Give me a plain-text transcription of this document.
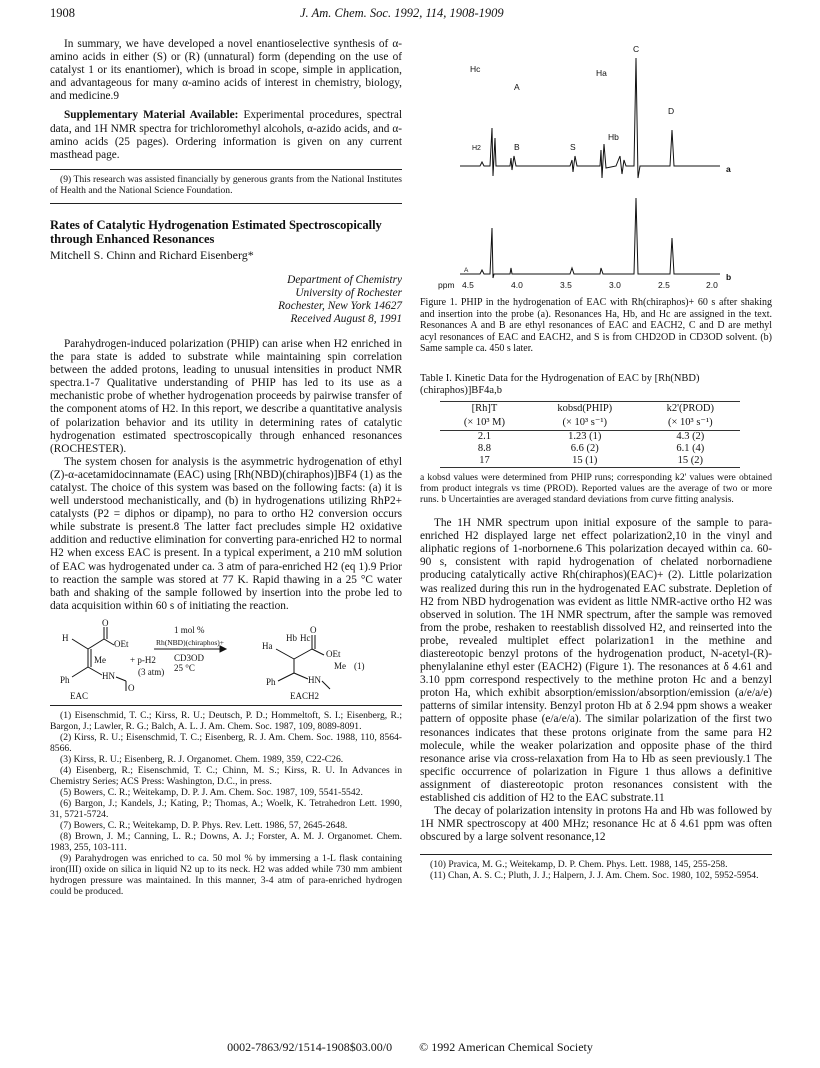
1908	J. Am. Chem. Soc. 1992, 114, 1908-1909

In summary, we have developed a novel enantioselective synthesis of α-amino acids in either (S) or (R) (unnatural) form (depending on the use of catalyst 1 or its enantiomer), which is broad in scope, simple in application, and advantageous for many α-amino acids of interest in chemistry, biology, and medicine.9

Supplementary Material Available: Experimental procedures, spectral data, and 1H NMR spectra for trichloromethyl alcohols, α-azido acids, and α-amino acids (25 pages). Ordering information is given on any current masthead page.

(9) This research was assisted financially by generous grants from the National Institutes of Health and the National Science Foundation.

Rates of Catalytic Hydrogenation Estimated Spectroscopically through Enhanced Resonances
Mitchell S. Chinn and Richard Eisenberg*
Department of Chemistry
University of Rochester
Rochester, New York 14627
Received August 8, 1991

Parahydrogen-induced polarization (PHIP) can arise when H2 enriched in the para state is added to substrate while maintaining spin correlation between the added protons, leading to unusual intensities in product NMR spectra.1-7 Qualitative understanding of PHIP has led to its use as a mechanistic probe of whether hydrogenation proceeds by pairwise transfer of the component atoms of H2. In this report, we describe a quantitative analysis of polarization behavior and its utility in determining rates of catalytic hydrogenation estimated spectroscopically through enhanced resonances (ROCHESTER).

The system chosen for analysis is the asymmetric hydrogenation of ethyl (Z)-α-acetamidocinnamate (EAC) using [Rh(NBD)(chiraphos)]BF4 (1) as the catalyst. The choice of this system was based on the following facts: (a) it is well understood mechanistically, and (b) in hydrogenations utilizing RhP2+ catalysts (P2 = diphos or dipamp), no para to ortho H2 conversion occurs while substrate is present.8 The latter fact precludes simple H2 oxidative addition and reductive elimination for converting para-enriched H2 to normal H2 when excess EAC is present. In a typical experiment, a 210 mM solution of EAC was hydrogenated under ca. 3 atm of para-enriched H2 (eq 1).9 Prior to reaction the sample was stored at 77 K. Rapid thawing in a 25 °C water bath and shaking of the sample followed by insertion into the probe led to data acquisition within 60 s of initiating the reaction.

H
O
OEt
Me
Ph	HN
O
EAC
+ p-H2
(3 atm)
1 mol %
Rh(NBD)(chiraphos)+
CD3OD
25 °C
Ha
Hb Hc
O
OEt
Me (1)
Ph	HN
EACH2

(1) Eisenschmid, T. C.; Kirss, R. U.; Deutsch, P. D.; Hommeltoft, S. I.; Eisenberg, R.; Bargon, J.; Lawler, R. G.; Balch, A. L. J. Am. Chem. Soc. 1987, 109, 8089-8091.

(2) Kirss, R. U.; Eisenschmid, T. C.; Eisenberg, R. J. Am. Chem. Soc. 1988, 110, 8564-8566.

(3) Kirss, R. U.; Eisenberg, R. J. Organomet. Chem. 1989, 359, C22-C26.

(4) Eisenberg, R.; Eisenschmid, T. C.; Chinn, M. S.; Kirss, R. U. In Advances in Chemistry Series; ACS Press: Washington, D.C., in press.

(5) Bowers, C. R.; Weitekamp, D. P. J. Am. Chem. Soc. 1987, 109, 5541-5542.

(6) Bargon, J.; Kandels, J.; Kating, P.; Thomas, A.; Woelk, K. Tetrahedron Lett. 1990, 31, 5721-5724.

(7) Bowers, C. R.; Weitekamp, D. P. Phys. Rev. Lett. 1986, 57, 2645-2648.

(8) Brown, J. M.; Canning, L. R.; Downs, A. J.; Forster, A. M. J. Organomet. Chem. 1983, 255, 103-111.

(9) Parahydrogen was enriched to ca. 50 mol % by immersing a 1-L flask containing iron(III) oxide on silica in liquid N2 up to its neck. H2 was added while 730 mm ambient hydrogen pressure was maintained. In this manner, 3-4 atm of para-enriched hydrogen could be produced.

C
Hc	Ha
A
D
Hb
B	S
H2
a
A
b
ppm 4.5	4.0	3.5	3.0	2.5	2.0

Figure 1. PHIP in the hydrogenation of EAC with Rh(chiraphos)+ 60 s after shaking and insertion into the probe (a). Resonances Ha, Hb, and Hc are assigned in the text. Resonances A and B are ethyl resonances of EAC and EACH2, C and D are methyl acyl resonances of EAC and EACH2, and S is from CHD2OD in CD3OD solvent. (b) Same sample ca. 450 s later.

Table I. Kinetic Data for the Hydrogenation of EAC by [Rh(NBD)(chiraphos)]BF4a,b
[Rh]T	kobsd(PHIP)	k2'(PROD)
(× 10³ M)	(× 10³ s⁻¹)	(× 10³ s⁻¹)
2.1	1.23 (1)	4.3 (2)
8.8	6.6 (2)	6.1 (4)
17	15 (1)	15 (2)

a kobsd values were determined from PHIP runs; corresponding k2' values were obtained from product integrals vs time (PROD). Reported values are the average of two or more runs. b Uncertainties are averaged standard deviations from curve fitting analysis.

The 1H NMR spectrum upon initial exposure of the sample to para-enriched H2 displayed large net effect polarization2,10 in the vinyl and aliphatic regions of 1-norbornene.6 This polarization decayed within ca. 60-90 s, consistent with rapid hydrogenation of chelated norbornadiene producing catalytically active Rh(chiraphos)(EAC)+ (2). Little polarization was realized during this run in the hydrogenated EAC substrate. Depletion of H2 from NBD hydrogenation was evident as little NMR-active ortho H2 was observed in solution. The 1H NMR spectrum, after the sample was removed from the probe, reshaken to reestablish dissolved H2, and reinserted into the probe, revealed multiplet effect polarization1 in the methine and diastereotopic benzyl protons of the hydrogenation product, N-acetyl-(R)-phenylalanine ethyl ester (EACH2) (Figure 1). The resonances at δ 4.61 and 3.10 ppm correspond respectively to the methine proton Hc and a benzyl proton Ha, which exhibit absorption/emission/absorption/emission (a/e/a/e) patterns of similar intensity. Benzyl proton Hb at δ 2.94 ppm shows a weaker pattern of opposite phase (e/a/e/a). The similar polarization of the first two resonances indicates that these protons originate from the same para H2 molecule, while the weaker polarization and opposite phase of the third resonance arise via cross-relaxation from Ha to Hb as seen previously.1 The specific occurrence of polarization in Figure 1 thus allows a definitive assignment of diastereotopic proton resonances consistent with the established cis addition of H2 to the EAC substrate.11

The decay of polarization intensity in protons Ha and Hb was followed by 1H NMR spectroscopy at 400 MHz; resonance Hc at δ 4.61 ppm was often obscured by a large solvent resonance,12

(10) Pravica, M. G.; Weitekamp, D. P. Chem. Phys. Lett. 1988, 145, 255-258.

(11) Chan, A. S. C.; Pluth, J. J.; Halpern, J. J. Am. Chem. Soc. 1980, 102, 5952-5954.

0002-7863/92/1514-1908$03.00/0 © 1992 American Chemical Society
